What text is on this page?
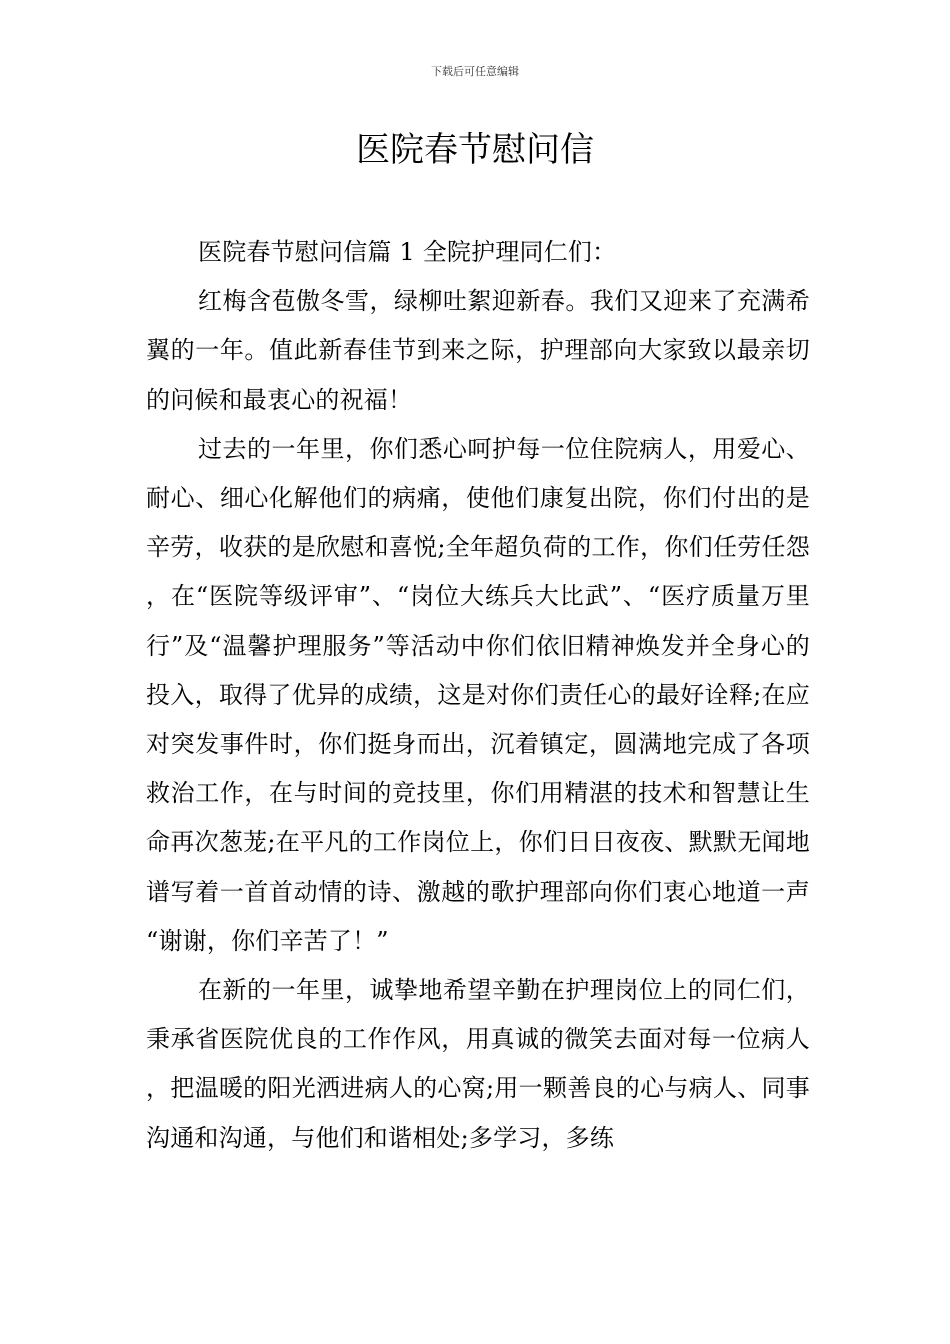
下载后可任意编辑
医院春节慰问信

医院春节慰问信篇 1 全院护理同仁们：

红梅含苞傲冬雪，绿柳吐絮迎新春。我们又迎来了充满希翼的一年。值此新春佳节到来之际，护理部向大家致以最亲切的问候和最衷心的祝福！

过去的一年里，你们悉心呵护每一位住院病人，用爱心、耐心、细心化解他们的病痛，使他们康复出院，你们付出的是辛劳，收获的是欣慰和喜悦;全年超负荷的工作，你们任劳任怨，在“医院等级评审”、“岗位大练兵大比武”、“医疗质量万里行”及“温馨护理服务”等活动中你们依旧精神焕发并全身心的投入，取得了优异的成绩，这是对你们责任心的最好诠释;在应对突发事件时，你们挺身而出，沉着镇定，圆满地完成了各项救治工作，在与时间的竞技里，你们用精湛的技术和智慧让生命再次葱茏;在平凡的工作岗位上，你们日日夜夜、默默无闻地谱写着一首首动情的诗、激越的歌护理部向你们衷心地道一声“谢谢，你们辛苦了！”

在新的一年里，诚挚地希望辛勤在护理岗位上的同仁们，秉承省医院优良的工作作风，用真诚的微笑去面对每一位病人，把温暖的阳光洒进病人的心窝;用一颗善良的心与病人、同事沟通和沟通，与他们和谐相处;多学习，多练
